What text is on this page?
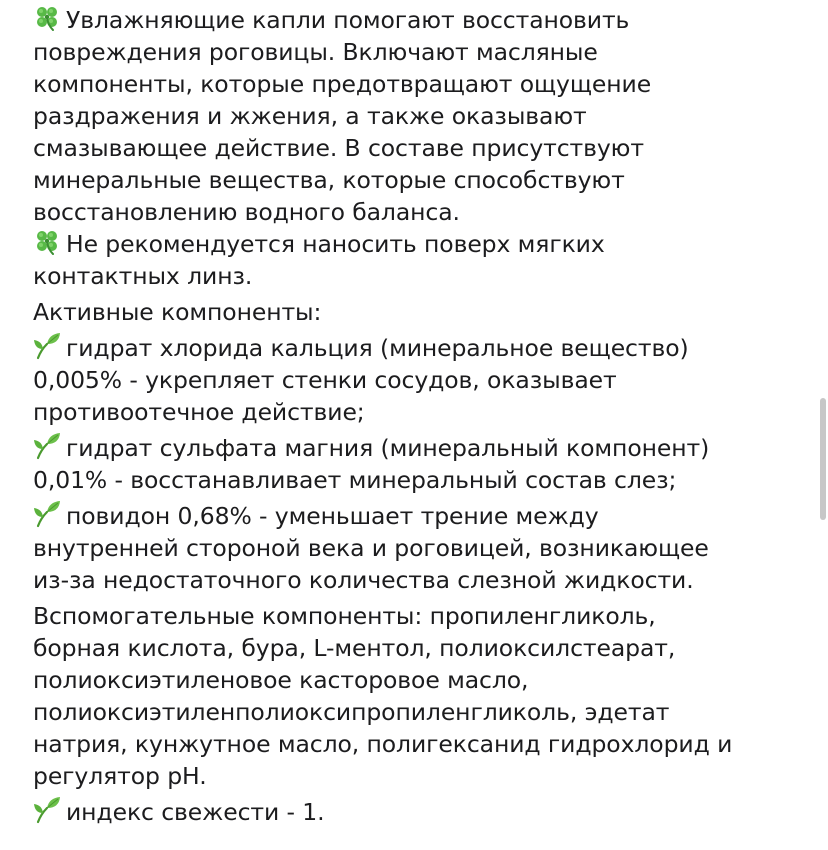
Увлажняющие капли помогают восстановить
повреждения роговицы. Включают масляные
компоненты, которые предотвращают ощущение
раздражения и жжения, а также оказывают
смазывающее действие. В составе присутствуют
минеральные вещества, которые способствуют
восстановлению водного баланса.

Не рекомендуется наносить поверх мягких
контактных линз.

Активные компоненты:

гидрат хлорида кальция (минеральное вещество)
0,005% - укрепляет стенки сосудов, оказывает
противоотечное действие;

гидрат сульфата магния (минеральный компонент)
0,01% - восстанавливает минеральный состав слез;

повидон 0,68% - уменьшает трение между
внутренней стороной века и роговицей, возникающее
из-за недостаточного количества слезной жидкости.

Вспомогательные компоненты: пропиленгликоль,
борная кислота, бура, L-ментол, полиоксилстеарат,
полиоксиэтиленовое касторовое масло,
полиоксиэтиленполиоксипропиленгликоль, эдетат
натрия, кунжутное масло, полигексанид гидрохлорид и
регулятор pH.

индекс свежести - 1.
